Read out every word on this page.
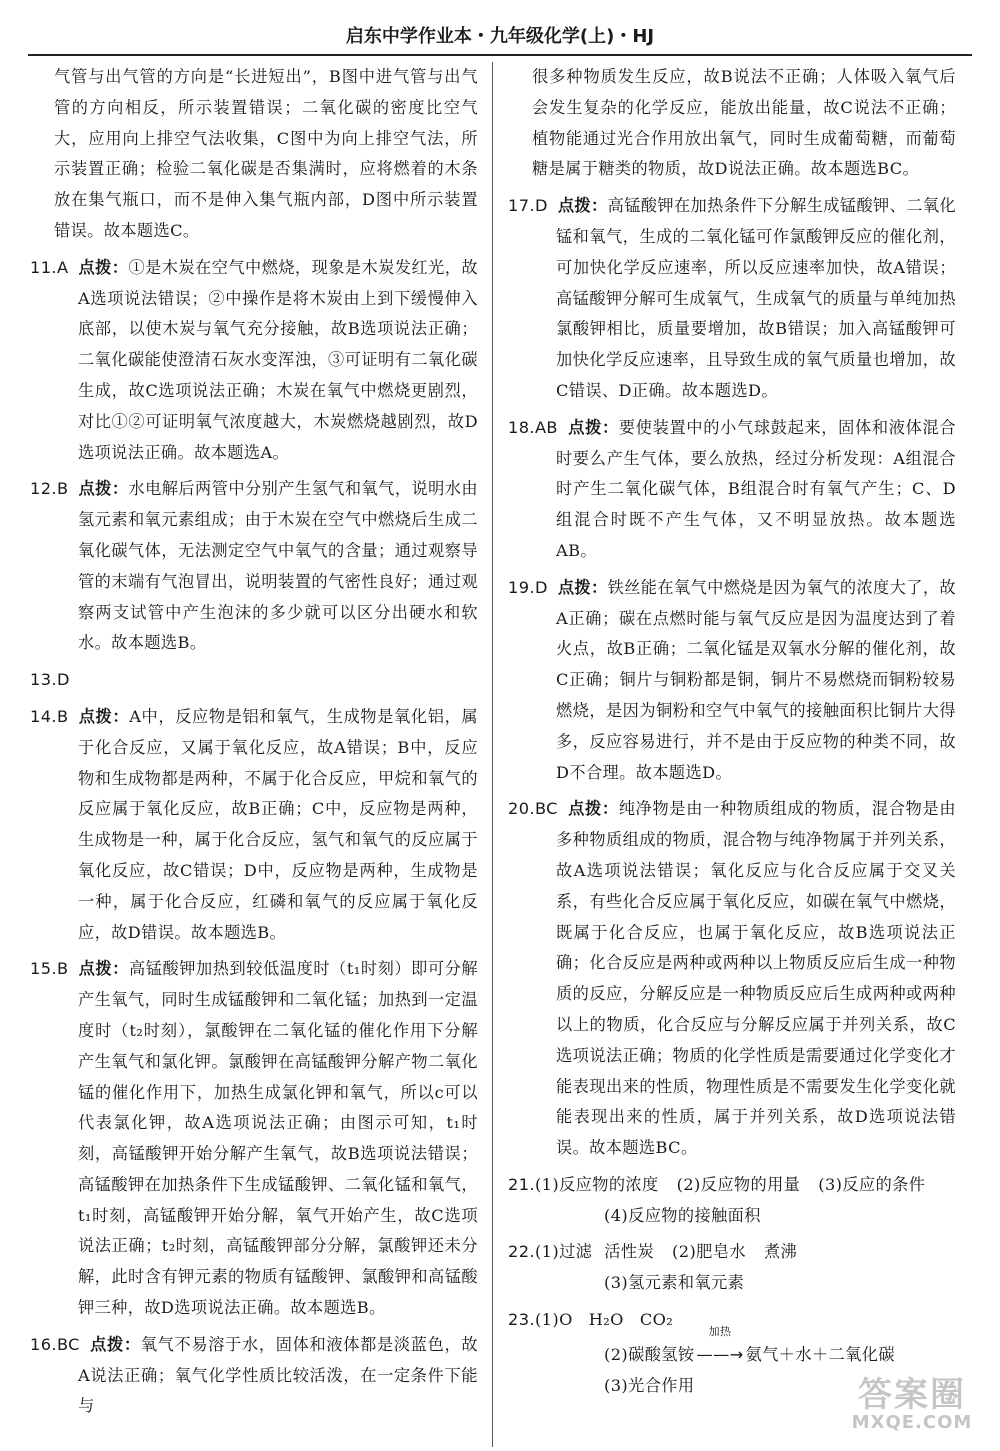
启东中学作业本・九年级化学(上)・HJ
气管与出气管的方向是“长进短出”，B图中进气管与出气管的方向相反，所示装置错误；二氧化碳的密度比空气大，应用向上排空气法收集，C图中为向上排空气法，所示装置正确；检验二氧化碳是否集满时，应将燃着的木条放在集气瓶口，而不是伸入集气瓶内部，D图中所示装置错误。故本题选C。
11.A 点拨：①是木炭在空气中燃烧，现象是木炭发红光，故A选项说法错误；②中操作是将木炭由上到下缓慢伸入底部，以使木炭与氧气充分接触，故B选项说法正确；二氧化碳能使澄清石灰水变浑浊，③可证明有二氧化碳生成，故C选项说法正确；木炭在氧气中燃烧更剧烈，对比①②可证明氧气浓度越大，木炭燃烧越剧烈，故D选项说法正确。故本题选A。
12.B 点拨：水电解后两管中分别产生氢气和氧气，说明水由氢元素和氧元素组成；由于木炭在空气中燃烧后生成二氧化碳气体，无法测定空气中氧气的含量；通过观察导管的末端有气泡冒出，说明装置的气密性良好；通过观察两支试管中产生泡沫的多少就可以区分出硬水和软水。故本题选B。
13.D
14.B 点拨：A中，反应物是铝和氧气，生成物是氧化铝，属于化合反应，又属于氧化反应，故A错误；B中，反应物和生成物都是两种，不属于化合反应，甲烷和氧气的反应属于氧化反应，故B正确；C中，反应物是两种，生成物是一种，属于化合反应，氢气和氧气的反应属于氧化反应，故C错误；D中，反应物是两种，生成物是一种，属于化合反应，红磷和氧气的反应属于氧化反应，故D错误。故本题选B。
15.B 点拨：高锰酸钾加热到较低温度时（t₁时刻）即可分解产生氧气，同时生成锰酸钾和二氧化锰；加热到一定温度时（t₂时刻），氯酸钾在二氧化锰的催化作用下分解产生氧气和氯化钾。氯酸钾在高锰酸钾分解产物二氧化锰的催化作用下，加热生成氯化钾和氧气，所以c可以代表氯化钾，故A选项说法正确；由图示可知，t₁时刻，高锰酸钾开始分解产生氧气，故B选项说法错误；高锰酸钾在加热条件下生成锰酸钾、二氧化锰和氧气，t₁时刻，高锰酸钾开始分解，氧气开始产生，故C选项说法正确；t₂时刻，高锰酸钾部分分解，氯酸钾还未分解，此时含有钾元素的物质有锰酸钾、氯酸钾和高锰酸钾三种，故D选项说法正确。故本题选B。
16.BC 点拨：氧气不易溶于水，固体和液体都是淡蓝色，故A说法正确；氧气化学性质比较活泼，在一定条件下能与
很多种物质发生反应，故B说法不正确；人体吸入氧气后会发生复杂的化学反应，能放出能量，故C说法不正确；植物能通过光合作用放出氧气，同时生成葡萄糖，而葡萄糖是属于糖类的物质，故D说法正确。故本题选BC。
17.D 点拨：高锰酸钾在加热条件下分解生成锰酸钾、二氧化锰和氧气，生成的二氧化锰可作氯酸钾反应的催化剂，可加快化学反应速率，所以反应速率加快，故A错误；高锰酸钾分解可生成氧气，生成氧气的质量与单纯加热氯酸钾相比，质量要增加，故B错误；加入高锰酸钾可加快化学反应速率，且导致生成的氧气质量也增加，故C错误、D正确。故本题选D。
18.AB 点拨：要使装置中的小气球鼓起来，固体和液体混合时要么产生气体，要么放热，经过分析发现：A组混合时产生二氧化碳气体，B组混合时有氧气产生；C、D组混合时既不产生气体，又不明显放热。故本题选AB。
19.D 点拨：铁丝能在氧气中燃烧是因为氧气的浓度大了，故A正确；碳在点燃时能与氧气反应是因为温度达到了着火点，故B正确；二氧化锰是双氧水分解的催化剂，故C正确；铜片与铜粉都是铜，铜片不易燃烧而铜粉较易燃烧，是因为铜粉和空气中氧气的接触面积比铜片大得多，反应容易进行，并不是由于反应物的种类不同，故D不合理。故本题选D。
20.BC 点拨：纯净物是由一种物质组成的物质，混合物是由多种物质组成的物质，混合物与纯净物属于并列关系，故A选项说法错误；氧化反应与化合反应属于交叉关系，有些化合反应属于氧化反应，如碳在氧气中燃烧，既属于化合反应，也属于氧化反应，故B选项说法正确；化合反应是两种或两种以上物质反应后生成一种物质的反应，分解反应是一种物质反应后生成两种或两种以上的物质，化合反应与分解反应属于并列关系，故C选项说法正确；物质的化学性质是需要通过化学变化才能表现出来的性质，物理性质是不需要发生化学变化就能表现出来的性质，属于并列关系，故D选项说法错误。故本题选BC。
21.(1)反应物的浓度 (2)反应物的用量 (3)反应的条件
(4)反应物的接触面积
22.(1)过滤 活性炭 (2)肥皂水 煮沸
(3)氢元素和氧元素
23.(1)O H₂O CO₂
(2)碳酸氢铵
加热
——→ 氨气＋水＋二氧化碳
(3)光合作用	答案圈
MXQE.COM
